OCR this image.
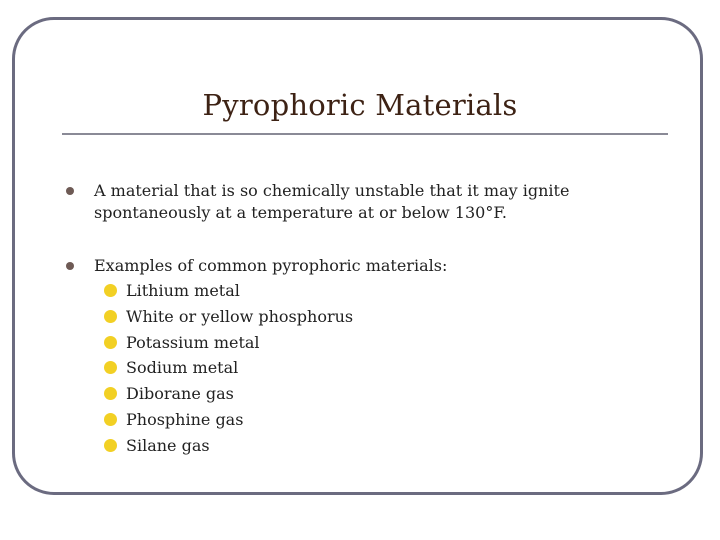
Pyrophoric Materials
A material that is so chemically unstable that it may ignite
spontaneously at a temperature at or below 130°F.
Examples of common pyrophoric materials:
Lithium metal
White or yellow phosphorus
Potassium metal
Sodium metal
Diborane gas
Phosphine gas
Silane gas
